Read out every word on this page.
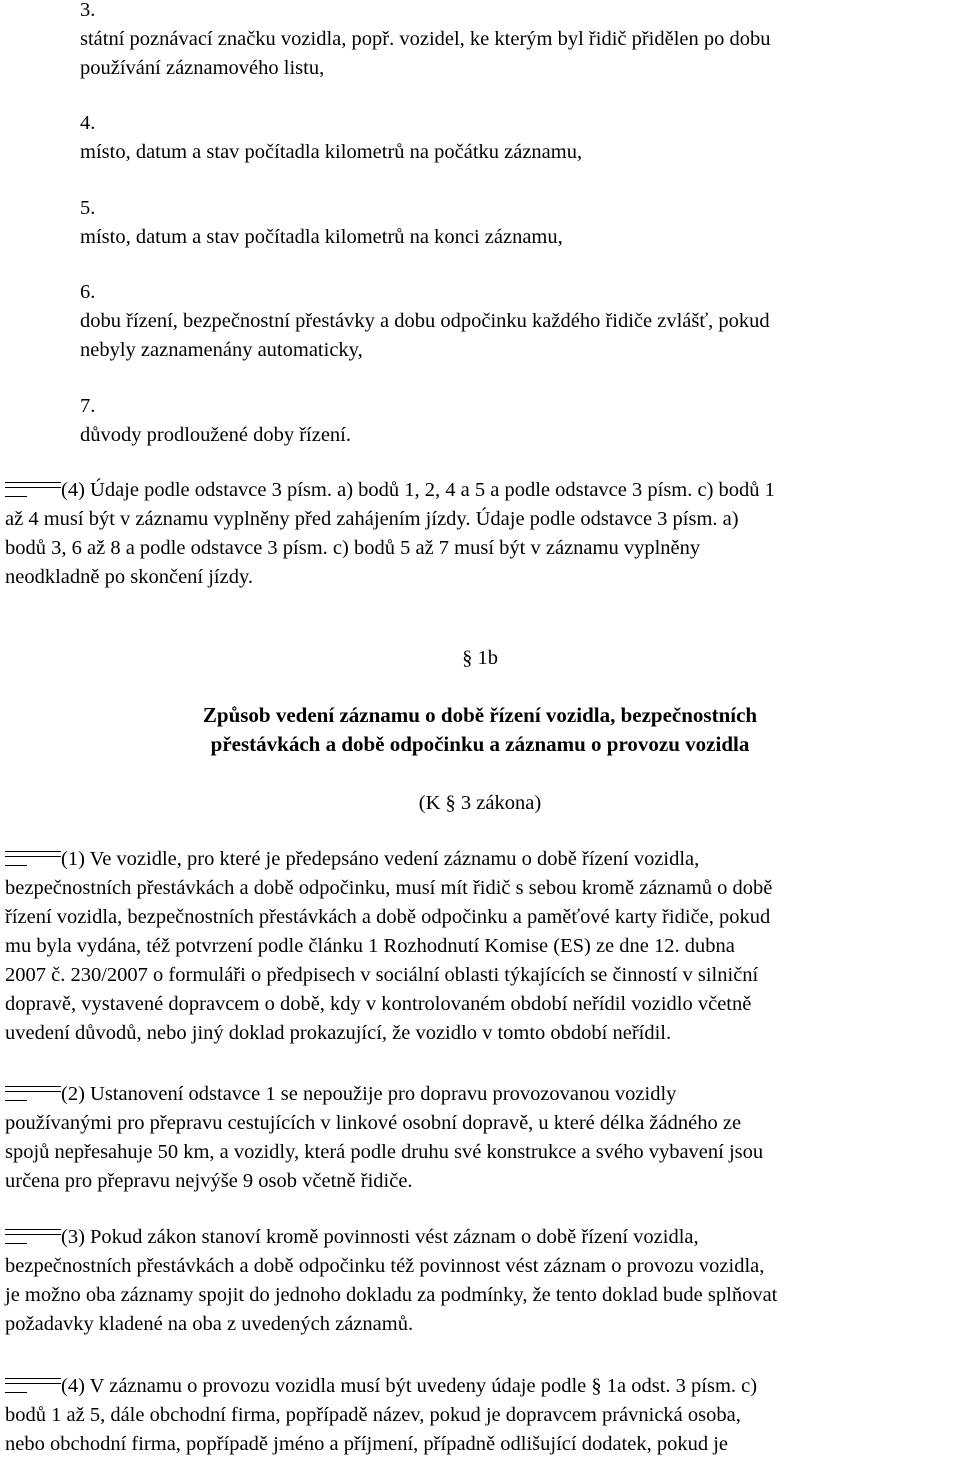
3.
státní poznávací značku vozidla, popř. vozidel, ke kterým byl řidič přidělen po dobu
používání záznamového listu,
4.
místo, datum a stav počítadla kilometrů na počátku záznamu,
5.
místo, datum a stav počítadla kilometrů na konci záznamu,
6.
dobu řízení, bezpečnostní přestávky a dobu odpočinku každého řidiče zvlášť, pokud
nebyly zaznamenány automaticky,
7.
důvody prodloužené doby řízení.

(4) Údaje podle odstavce 3 písm. a) bodů 1, 2, 4 a 5 a podle odstavce 3 písm. c) bodů 1

až 4 musí být v záznamu vyplněny před zahájením jízdy. Údaje podle odstavce 3 písm. a)

bodů 3, 6 až 8 a podle odstavce 3 písm. c) bodů 5 až 7 musí být v záznamu vyplněny

neodkladně po skončení jízdy.

§ 1b
Způsob vedení záznamu o době řízení vozidla, bezpečnostních
přestávkách a době odpočinku a záznamu o provozu vozidla
(K § 3 zákona)

(1) Ve vozidle, pro které je předepsáno vedení záznamu o době řízení vozidla,

bezpečnostních přestávkách a době odpočinku, musí mít řidič s sebou kromě záznamů o době

řízení vozidla, bezpečnostních přestávkách a době odpočinku a paměťové karty řidiče, pokud

mu byla vydána, též potvrzení podle článku 1 Rozhodnutí Komise (ES) ze dne 12. dubna

2007 č. 230/2007 o formuláři o předpisech v sociální oblasti týkajících se činností v silniční

dopravě, vystavené dopravcem o době, kdy v kontrolovaném období neřídil vozidlo včetně

uvedení důvodů, nebo jiný doklad prokazující, že vozidlo v tomto období neřídil.

(2) Ustanovení odstavce 1 se nepoužije pro dopravu provozovanou vozidly

používanými pro přepravu cestujících v linkové osobní dopravě, u které délka žádného ze

spojů nepřesahuje 50 km, a vozidly, která podle druhu své konstrukce a svého vybavení jsou

určena pro přepravu nejvýše 9 osob včetně řidiče.

(3) Pokud zákon stanoví kromě povinnosti vést záznam o době řízení vozidla,

bezpečnostních přestávkách a době odpočinku též povinnost vést záznam o provozu vozidla,

je možno oba záznamy spojit do jednoho dokladu za podmínky, že tento doklad bude splňovat

požadavky kladené na oba z uvedených záznamů.

(4) V záznamu o provozu vozidla musí být uvedeny údaje podle § 1a odst. 3 písm. c)

bodů 1 až 5, dále obchodní firma, popřípadě název, pokud je dopravcem právnická osoba,

nebo obchodní firma, popřípadě jméno a příjmení, případně odlišující dodatek, pokud je
